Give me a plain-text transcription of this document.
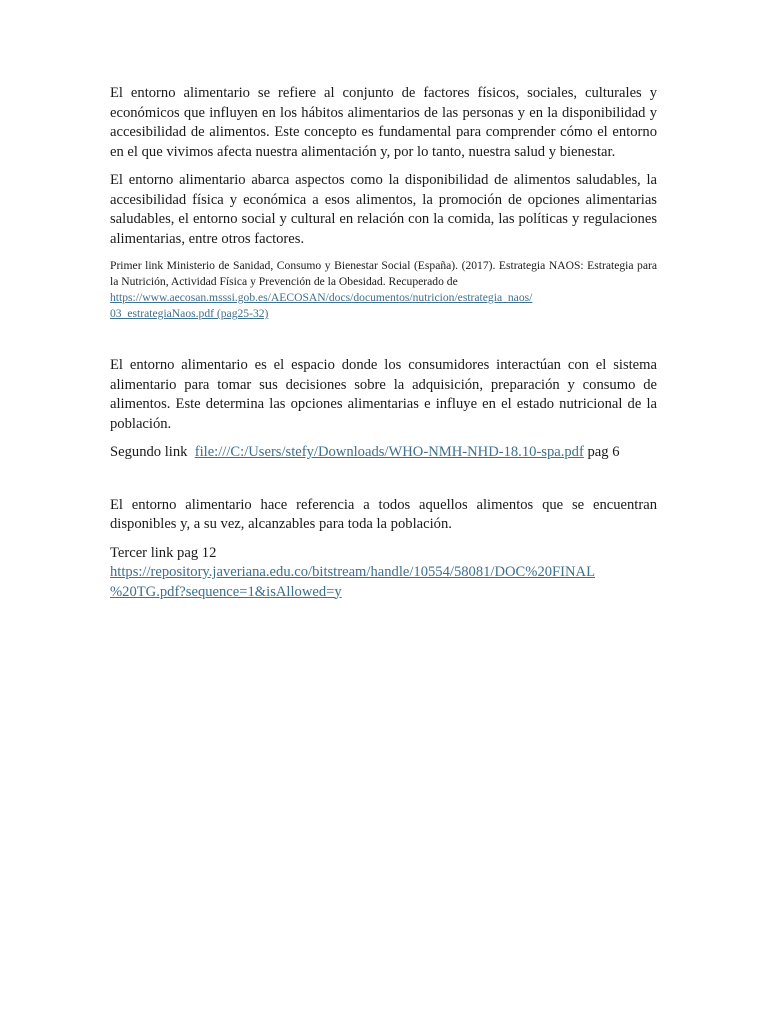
El entorno alimentario se refiere al conjunto de factores físicos, sociales, culturales y económicos que influyen en los hábitos alimentarios de las personas y en la disponibilidad y accesibilidad de alimentos. Este concepto es fundamental para comprender cómo el entorno en el que vivimos afecta nuestra alimentación y, por lo tanto, nuestra salud y bienestar.

El entorno alimentario abarca aspectos como la disponibilidad de alimentos saludables, la accesibilidad física y económica a esos alimentos, la promoción de opciones alimentarias saludables, el entorno social y cultural en relación con la comida, las políticas y regulaciones alimentarias, entre otros factores.

Primer link Ministerio de Sanidad, Consumo y Bienestar Social (España). (2017). Estrategia NAOS: Estrategia para la Nutrición, Actividad Física y Prevención de la Obesidad. Recuperado de
https://www.aecosan.msssi.gob.es/AECOSAN/docs/documentos/nutricion/estrategia_naos/
03_estrategiaNaos.pdf (pag25-32)

El entorno alimentario es el espacio donde los consumidores interactúan con el sistema alimentario para tomar sus decisiones sobre la adquisición, preparación y consumo de alimentos. Este determina las opciones alimentarias e influye en el estado nutricional de la población.

Segundo link file:///C:/Users/stefy/Downloads/WHO-NMH-NHD-18.10-spa.pdf pag 6

El entorno alimentario hace referencia a todos aquellos alimentos que se encuentran disponibles y, a su vez, alcanzables para toda la población.

Tercer link pag 12
https://repository.javeriana.edu.co/bitstream/handle/10554/58081/DOC%20FINAL
%20TG.pdf?sequence=1&isAllowed=y
